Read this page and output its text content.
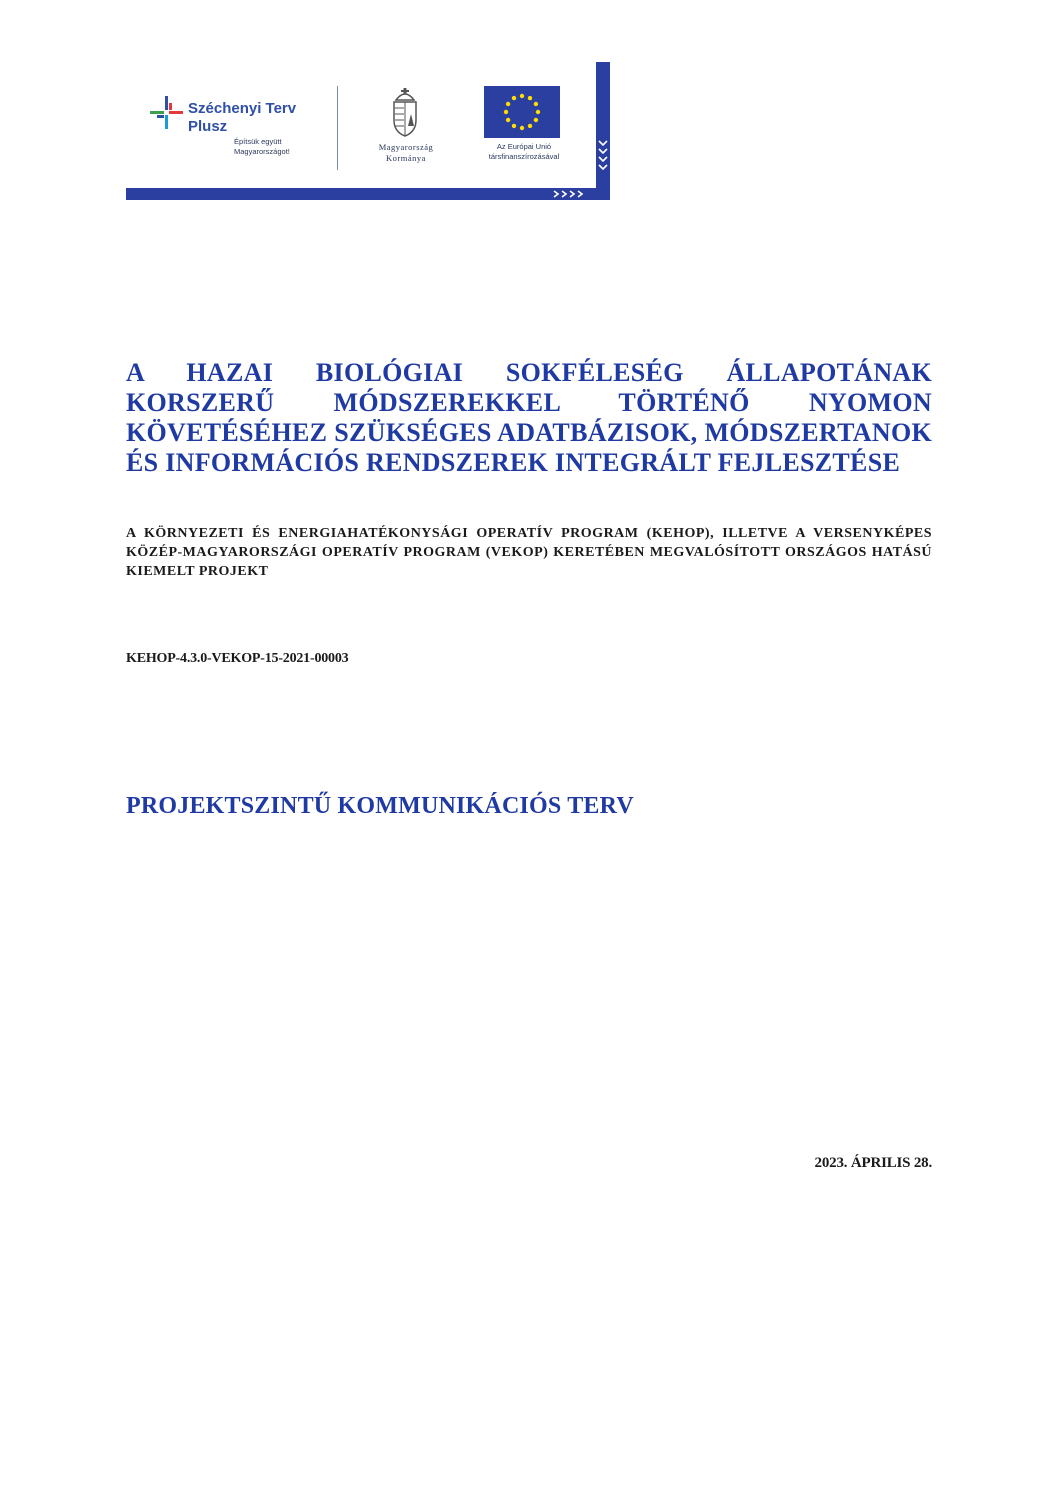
Széchenyi Terv
Plusz
Építsük együtt
Magyarországot!	Magyarország
Kormánya
Az Európai Unió
társfinanszírozásával
A HAZAI BIOLÓGIAI SOKFÉLESÉG ÁLLAPOTÁNAK KORSZERŰ MÓDSZEREKKEL TÖRTÉNŐ NYOMON KÖVETÉSÉHEZ SZÜKSÉGES ADATBÁZISOK, MÓDSZERTANOK ÉS INFORMÁCIÓS RENDSZEREK INTEGRÁLT FEJLESZTÉSE

A KÖRNYEZETI ÉS ENERGIAHATÉKONYSÁGI OPERATÍV PROGRAM (KEHOP), ILLETVE A VERSENYKÉPES KÖZÉP-MAGYARORSZÁGI OPERATÍV PROGRAM (VEKOP) KERETÉBEN MEGVALÓSÍTOTT ORSZÁGOS HATÁSÚ KIEMELT PROJEKT

KEHOP-4.3.0-VEKOP-15-2021-00003

PROJEKTSZINTŰ KOMMUNIKÁCIÓS TERV

2023. ÁPRILIS 28.
